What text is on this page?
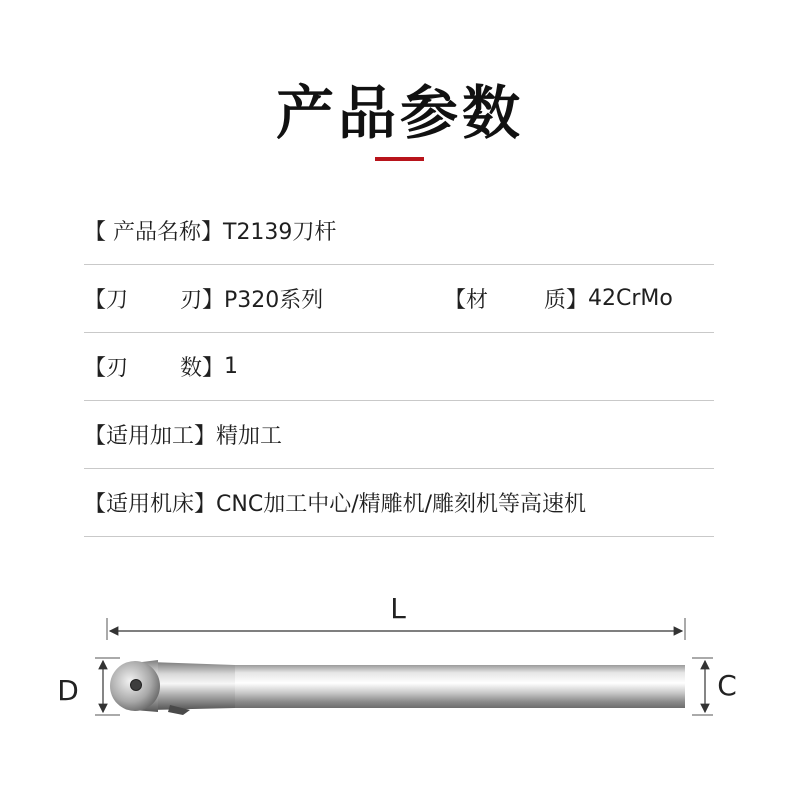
产品参数
【 产品名称】 T2139刀杆
【刀 刃】 P320系列	【材	质】 42CrMo
【刃 数】 1
【适用加工】 精加工
【适用机床】 CNC加工中心/精雕机/雕刻机等高速机
L
D	C
